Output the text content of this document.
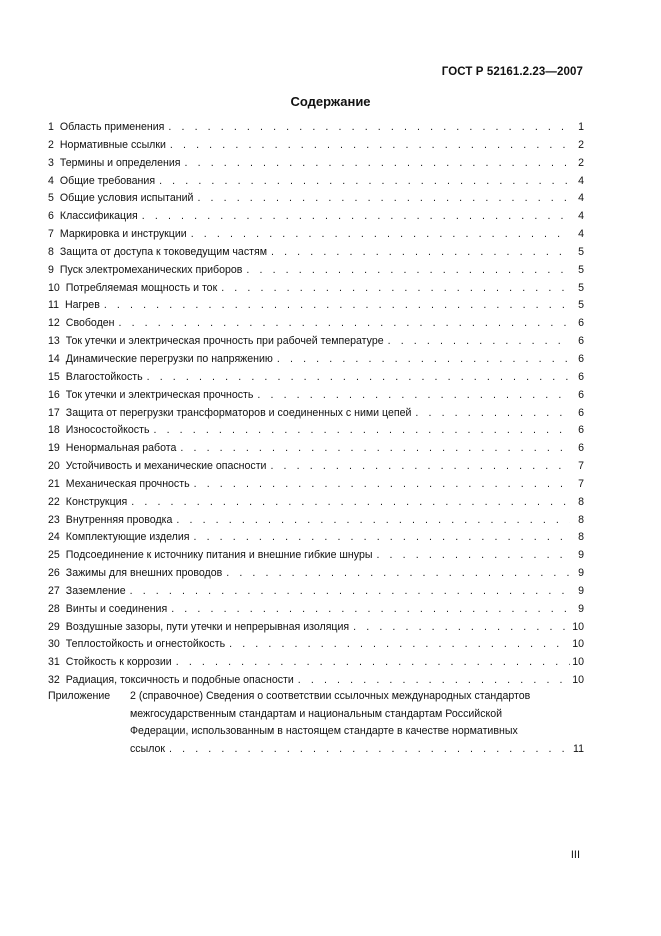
ГОСТ Р 52161.2.23—2007
Содержание
1 Область применения . . .	1
2 Нормативные ссылки . . .	2
3 Термины и определения . . .	2
4 Общие требования . . .	4
5 Общие условия испытаний . . .	4
6 Классификация . . .	4
7 Маркировка и инструкции . . .	4
8 Защита от доступа к токоведущим частям . . .	5
9 Пуск электромеханических приборов . . .	5
10 Потребляемая мощность и ток . . .	5
11 Нагрев . . .	5
12 Свободен . . .	6
13 Ток утечки и электрическая прочность при рабочей температуре . . .	6
14 Динамические перегрузки по напряжению . . .	6
15 Влагостойкость . . .	6
16 Ток утечки и электрическая прочность . . .	6
17 Защита от перегрузки трансформаторов и соединенных с ними цепей . . .	6
18 Износостойкость . . .	6
19 Ненормальная работа . . .	6
20 Устойчивость и механические опасности . . .	7
21 Механическая прочность . . .	7
22 Конструкция . . .	8
23 Внутренняя проводка . . .	8
24 Комплектующие изделия . . .	8
25 Подсоединение к источнику питания и внешние гибкие шнуры . . .	9
26 Зажимы для внешних проводов . . .	9
27 Заземление . . .	9
28 Винты и соединения . . .	9
29 Воздушные зазоры, пути утечки и непрерывная изоляция . . .	10
30 Теплостойкость и огнестойкость . . .	10
31 Стойкость к коррозии . . .	10
32 Радиация, токсичность и подобные опасности . . .	10
Приложение	2 (справочное) Сведения о соответствии ссылочных международных стандартов
межгосударственным стандартам и национальным стандартам Российской
Федерации, использованным в настоящем стандарте в качестве нормативных
ссылок . . .	11
III
